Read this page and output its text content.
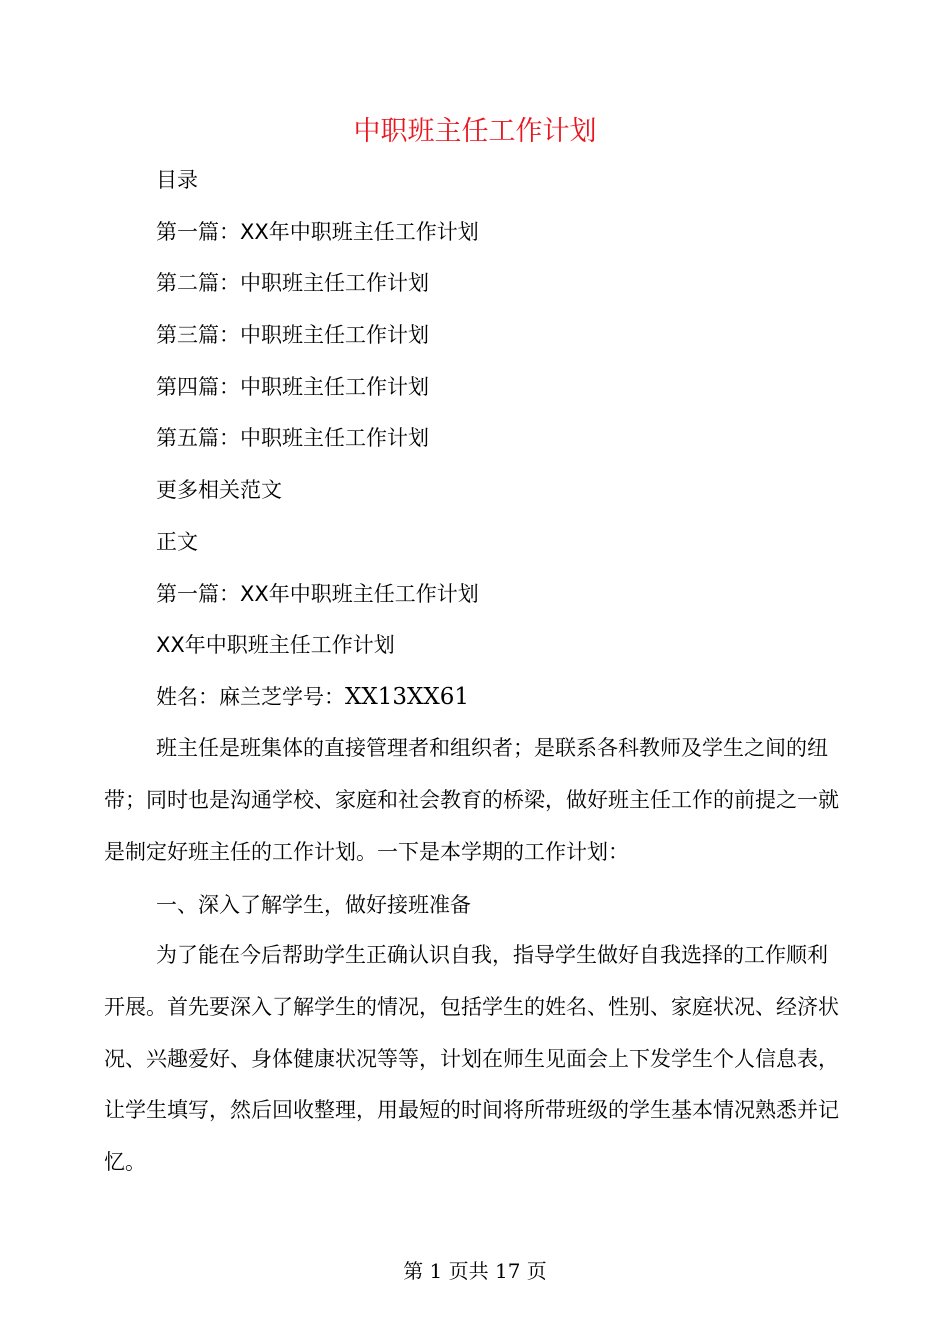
中职班主任工作计划
目录
第一篇：XX年中职班主任工作计划
第二篇：中职班主任工作计划
第三篇：中职班主任工作计划
第四篇：中职班主任工作计划
第五篇：中职班主任工作计划
更多相关范文
正文
第一篇：XX年中职班主任工作计划
XX年中职班主任工作计划
姓名：麻兰芝学号：XX13XX61

班主任是班集体的直接管理者和组织者；是联系各科教师及学生之间的纽带；同时也是沟通学校、家庭和社会教育的桥梁，做好班主任工作的前提之一就是制定好班主任的工作计划。一下是本学期的工作计划：

一、深入了解学生，做好接班准备

为了能在今后帮助学生正确认识自我，指导学生做好自我选择的工作顺利开展。首先要深入了解学生的情况，包括学生的姓名、性别、家庭状况、经济状况、兴趣爱好、身体健康状况等等，计划在师生见面会上下发学生个人信息表，让学生填写，然后回收整理，用最短的时间将所带班级的学生基本情况熟悉并记忆。

第 1 页共 17 页
